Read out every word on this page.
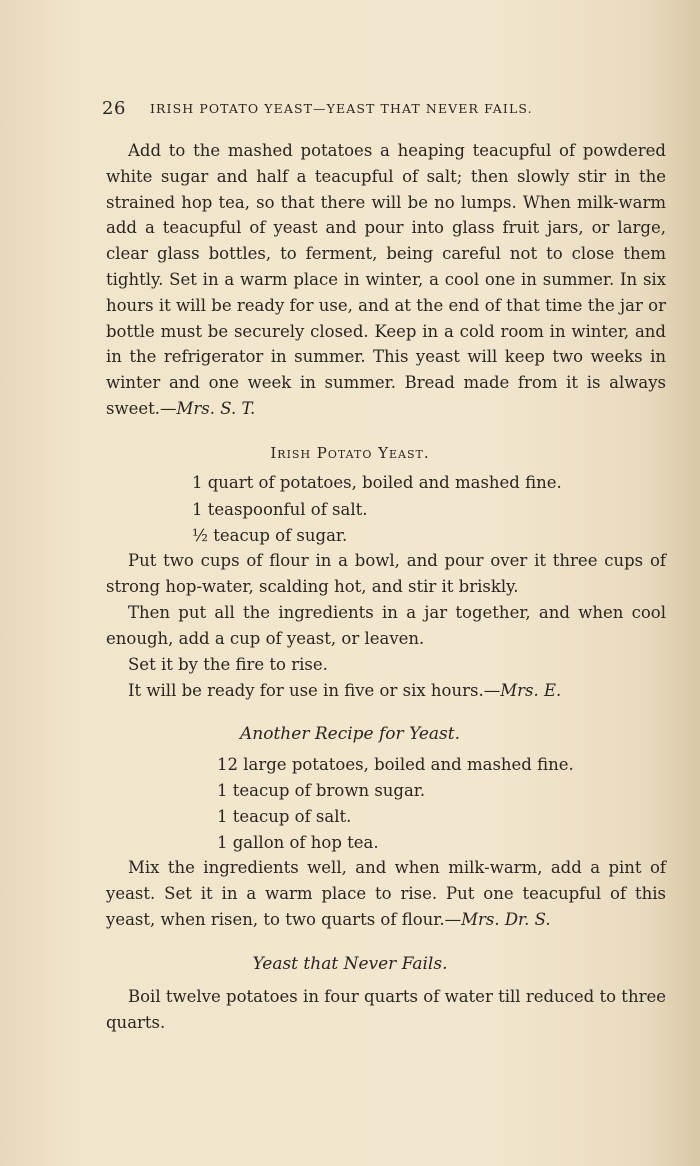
26 IRISH POTATO YEAST—YEAST THAT NEVER FAILS.
Add to the mashed potatoes a heaping teacupful of powdered white sugar and half a teacupful of salt; then slowly stir in the strained hop tea, so that there will be no lumps. When milk-warm add a teacupful of yeast and pour into glass fruit jars, or large, clear glass bottles, to ferment, being careful not to close them tightly. Set in a warm place in winter, a cool one in summer. In six hours it will be ready for use, and at the end of that time the jar or bottle must be securely closed. Keep in a cold room in winter, and in the refrigerator in summer. This yeast will keep two weeks in winter and one week in summer. Bread made from it is always sweet.—Mrs. S. T.
Irish Potato Yeast.
1 quart of potatoes, boiled and mashed fine.
1 teaspoonful of salt.
½ teacup of sugar.
Put two cups of flour in a bowl, and pour over it three cups of strong hop-water, scalding hot, and stir it briskly.
Then put all the ingredients in a jar together, and when cool enough, add a cup of yeast, or leaven.
Set it by the fire to rise.
It will be ready for use in five or six hours.—Mrs. E.
Another Recipe for Yeast.
12 large potatoes, boiled and mashed fine.
1 teacup of brown sugar.
1 teacup of salt.
1 gallon of hop tea.
Mix the ingredients well, and when milk-warm, add a pint of yeast. Set it in a warm place to rise. Put one teacupful of this yeast, when risen, to two quarts of flour.—Mrs. Dr. S.
Yeast that Never Fails.
Boil twelve potatoes in four quarts of water till reduced to three quarts.
